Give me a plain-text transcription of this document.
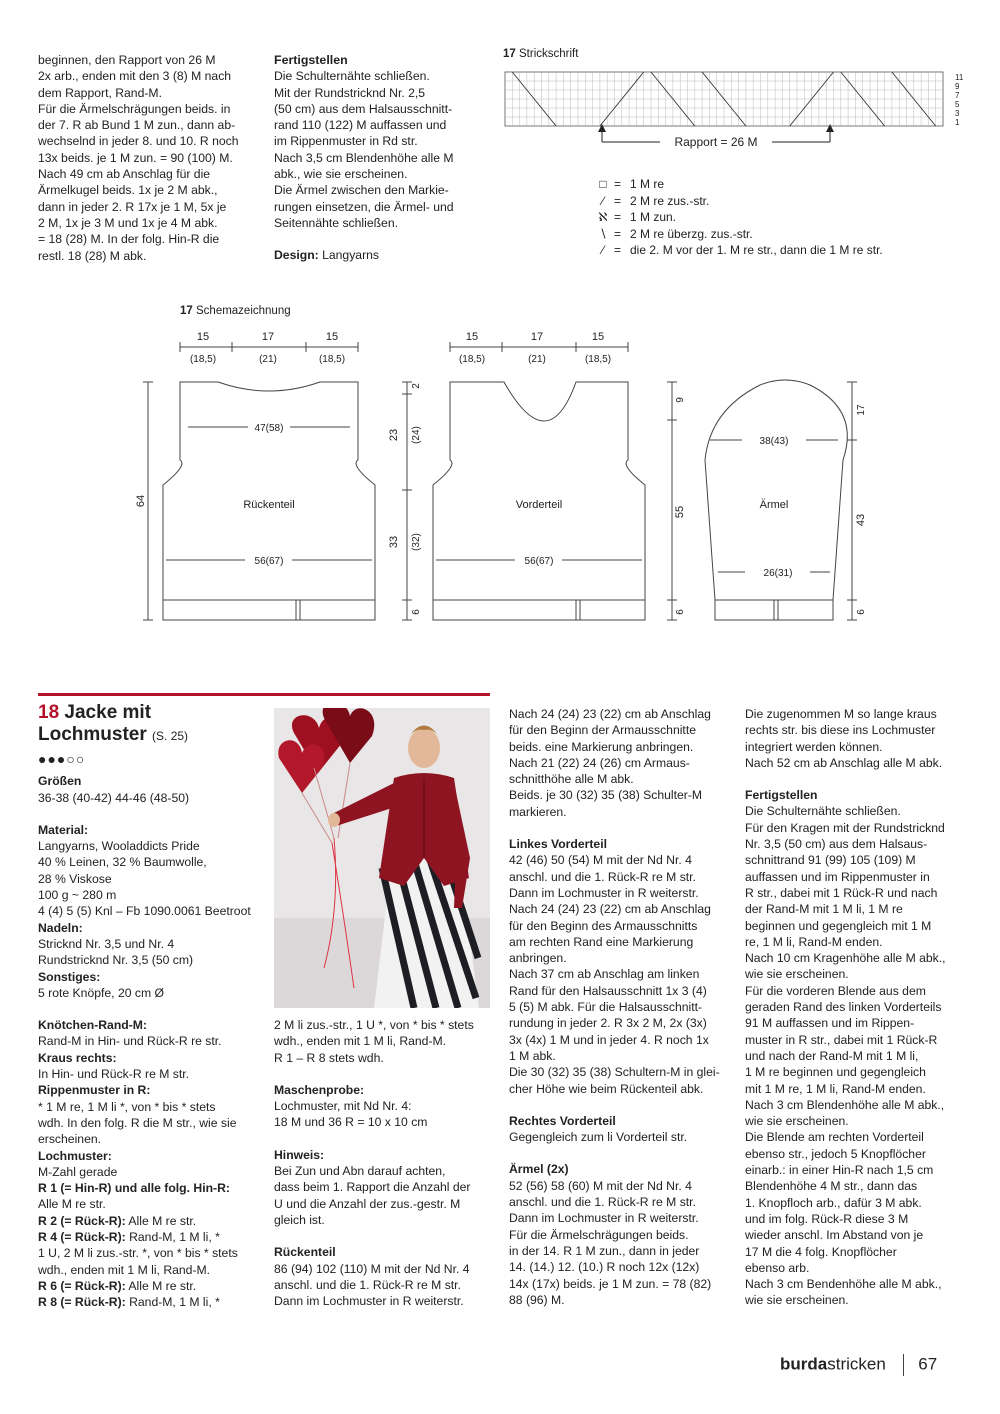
beginnen, den Rapport von 26 M

2x arb., enden mit den 3 (8) M nach

dem Rapport, Rand-M.

Für die Ärmelschrägungen beids. in

der 7. R ab Bund 1 M zun., dann ab-

wechselnd in jeder 8. und 10. R noch

13x beids. je 1 M zun. = 90 (100) M.

Nach 49 cm ab Anschlag für die

Ärmelkugel beids. 1x je 2 M abk.,

dann in jeder 2. R 17x je 1 M, 5x je

2 M, 1x je 3 M und 1x je 4 M abk.

= 18 (28) M. In der folg. Hin-R die

restl. 18 (28) M abk.

Fertigstellen

Die Schulternähte schließen.

Mit der Rundstricknd Nr. 2,5

(50 cm) aus dem Halsausschnitt-

rand 110 (122) M auffassen und

im Rippenmuster in Rd str.

Nach 3,5 cm Blendenhöhe alle M

abk., wie sie erscheinen.

Die Ärmel zwischen den Markie-

rungen einsetzen, die Ärmel- und

Seitennähte schließen.

Design: Langyarns

17 Strickschrift
11
9
7
5
3
1
Rapport = 26 M
□ = 1 M re
⁄ = 2 M re zus.-str.
ℵ = 1 M zun.
∖ = 2 M re überzg. zus.-str.
⁄ = die 2. M vor der 1. M re str., dann die 1 M re str.
17 Schemazeichnung
15	17	15
(18,5)	(21)	(18,5)
47(58)
Rückenteil
56(67)
64
23 (24)
33 (32)
2
6
15	17	15
(18,5)	(21)	(18,5)
Vorderteil
56(67)
9
55
6
38(43)
Ärmel
26(31)
17
43
6
18 Jacke mit
Lochmuster (S. 25)
●●●○○

Größen

36-38 (40-42) 44-46 (48-50)

Material:

Langyarns, Wooladdicts Pride

40 % Leinen, 32 % Baumwolle,

28 % Viskose

100 g ~ 280 m

4 (4) 5 (5) Knl – Fb 1090.0061 Beetroot

Nadeln:

Stricknd Nr. 3,5 und Nr. 4

Rundstricknd Nr. 3,5 (50 cm)

Sonstiges:

5 rote Knöpfe, 20 cm Ø

Knötchen-Rand-M:

Rand-M in Hin- und Rück-R re str.

Kraus rechts:

In Hin- und Rück-R re M str.

Rippenmuster in R:

* 1 M re, 1 M li *, von * bis * stets

wdh. In den folg. R die M str., wie sie

erscheinen.

Lochmuster:

M-Zahl gerade

R 1 (= Hin-R) und alle folg. Hin-R:

Alle M re str.

R 2 (= Rück-R): Alle M re str.

R 4 (= Rück-R): Rand-M, 1 M li, *

1 U, 2 M li zus.-str. *, von * bis * stets

wdh., enden mit 1 M li, Rand-M.

R 6 (= Rück-R): Alle M re str.

R 8 (= Rück-R): Rand-M, 1 M li, *

2 M li zus.-str., 1 U *, von * bis * stets

wdh., enden mit 1 M li, Rand-M.

R 1 – R 8 stets wdh.

Maschenprobe:

Lochmuster, mit Nd Nr. 4:

18 M und 36 R = 10 x 10 cm

Hinweis:

Bei Zun und Abn darauf achten,

dass beim 1. Rapport die Anzahl der

U und die Anzahl der zus.-gestr. M

gleich ist.

Rückenteil

86 (94) 102 (110) M mit der Nd Nr. 4

anschl. und die 1. Rück-R re M str.

Dann im Lochmuster in R weiterstr.

Nach 24 (24) 23 (22) cm ab Anschlag

für den Beginn der Armausschnitte

beids. eine Markierung anbringen.

Nach 21 (22) 24 (26) cm Armaus-

schnitthöhe alle M abk.

Beids. je 30 (32) 35 (38) Schulter-M

markieren.

Linkes Vorderteil

42 (46) 50 (54) M mit der Nd Nr. 4

anschl. und die 1. Rück-R re M str.

Dann im Lochmuster in R weiterstr.

Nach 24 (24) 23 (22) cm ab Anschlag

für den Beginn des Armausschnitts

am rechten Rand eine Markierung

anbringen.

Nach 37 cm ab Anschlag am linken

Rand für den Halsausschnitt 1x 3 (4)

5 (5) M abk. Für die Halsausschnitt-

rundung in jeder 2. R 3x 2 M, 2x (3x)

3x (4x) 1 M und in jeder 4. R noch 1x

1 M abk.

Die 30 (32) 35 (38) Schultern-M in glei-

cher Höhe wie beim Rückenteil abk.

Rechtes Vorderteil

Gegengleich zum li Vorderteil str.

Ärmel (2x)

52 (56) 58 (60) M mit der Nd Nr. 4

anschl. und die 1. Rück-R re M str.

Dann im Lochmuster in R weiterstr.

Für die Ärmelschrägungen beids.

in der 14. R 1 M zun., dann in jeder

14. (14.) 12. (10.) R noch 12x (12x)

14x (17x) beids. je 1 M zun. = 78 (82)

88 (96) M.

Die zugenommen M so lange kraus

rechts str. bis diese ins Lochmuster

integriert werden können.

Nach 52 cm ab Anschlag alle M abk.

Fertigstellen

Die Schulternähte schließen.

Für den Kragen mit der Rundstricknd

Nr. 3,5 (50 cm) aus dem Halsaus-

schnittrand 91 (99) 105 (109) M

auffassen und im Rippenmuster in

R str., dabei mit 1 Rück-R und nach

der Rand-M mit 1 M li, 1 M re

beginnen und gegengleich mit 1 M

re, 1 M li, Rand-M enden.

Nach 10 cm Kragenhöhe alle M abk.,

wie sie erscheinen.

Für die vorderen Blende aus dem

geraden Rand des linken Vorderteils

91 M auffassen und im Rippen-

muster in R str., dabei mit 1 Rück-R

und nach der Rand-M mit 1 M li,

1 M re beginnen und gegengleich

mit 1 M re, 1 M li, Rand-M enden.

Nach 3 cm Blendenhöhe alle M abk.,

wie sie erscheinen.

Die Blende am rechten Vorderteil

ebenso str., jedoch 5 Knopflöcher

einarb.: in einer Hin-R nach 1,5 cm

Blendenhöhe 4 M str., dann das

1. Knopfloch arb., dafür 3 M abk.

und im folg. Rück-R diese 3 M

wieder anschl. Im Abstand von je

17 M die 4 folg. Knopflöcher

ebenso arb.

Nach 3 cm Bendenhöhe alle M abk.,

wie sie erscheinen.

burdastricken 67
